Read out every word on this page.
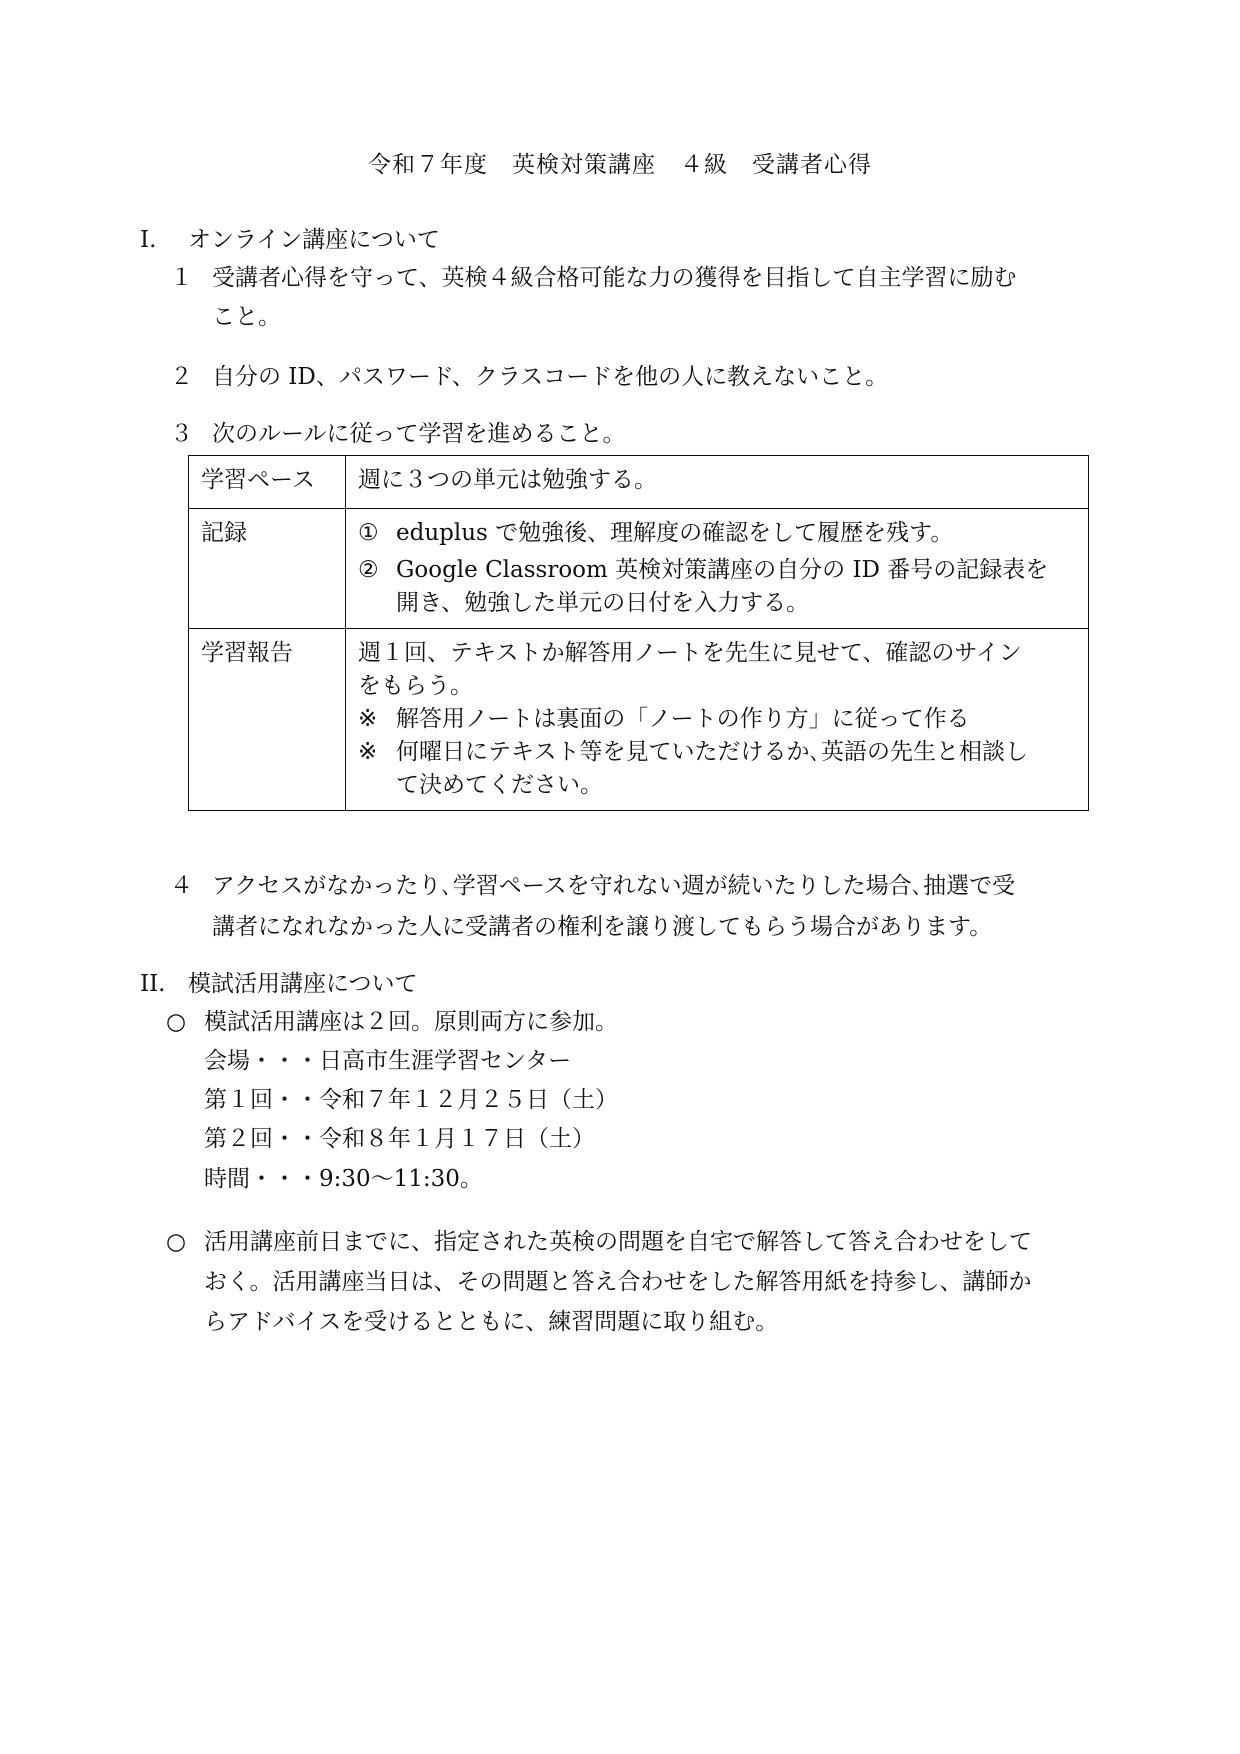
令和７年度　英検対策講座　４級　受講者心得
I. オンライン講座について
１ 受講者心得を守って、英検４級合格可能な力の獲得を目指して自主学習に励む
こと。
２ 自分の ID、パスワード、クラスコードを他の人に教えないこと。
３ 次のルールに従って学習を進めること。
学習ペース	週に３つの単元は勉強する。

記録	① eduplus で勉強後、理解度の確認をして履歴を残す。
② Google Classroom 英検対策講座の自分の ID 番号の記録表を
開き、勉強した単元の日付を入力する。

学習報告	週１回、テキストか解答用ノートを先生に見せて、確認のサイン
をもらう。
※ 解答用ノートは裏面の「ノートの作り方」に従って作る
※ 何曜日にテキスト等を見ていただけるか､英語の先生と相談し
て決めてください。
４ アクセスがなかったり､学習ペースを守れない週が続いたりした場合､抽選で受
講者になれなかった人に受講者の権利を譲り渡してもらう場合があります。
II. 模試活用講座について
○ 模試活用講座は２回。原則両方に参加。
会場・・・日高市生涯学習センター
第１回・・令和７年１２月２５日（土）
第２回・・令和８年１月１７日（土）
時間・・・9:30～11:30。
○ 活用講座前日までに、指定された英検の問題を自宅で解答して答え合わせをして
おく。活用講座当日は、その問題と答え合わせをした解答用紙を持参し、講師か
らアドバイスを受けるとともに、練習問題に取り組む。
